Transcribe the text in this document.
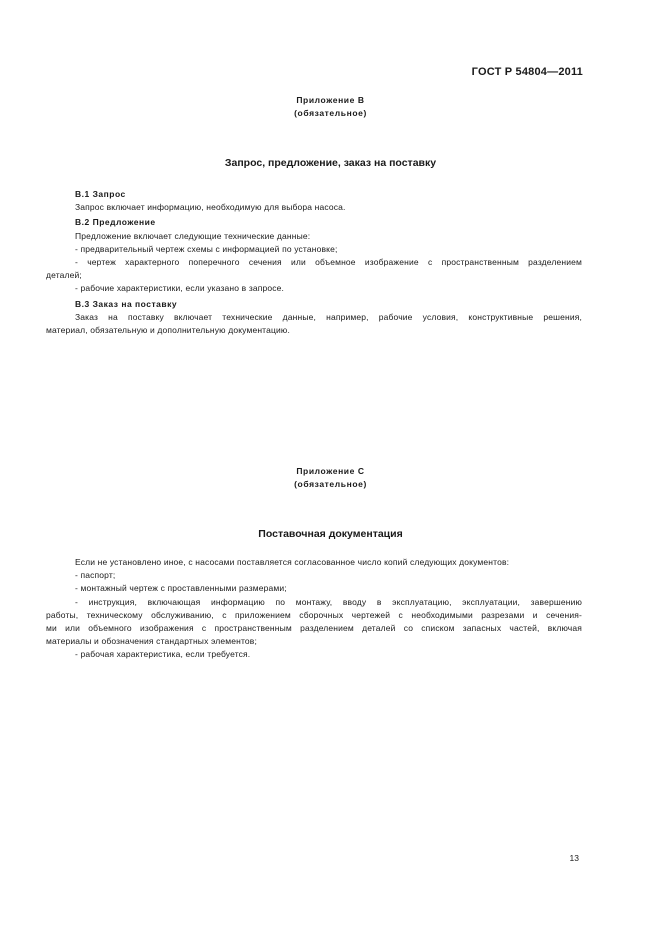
ГОСТ Р 54804—2011
Приложение В
(обязательное)
Запрос, предложение, заказ на поставку
В.1 Запрос
Запрос включает информацию, необходимую для выбора насоса.
В.2 Предложение
Предложение включает следующие технические данные:
- предварительный чертеж схемы с информацией по установке;
- чертеж характерного поперечного сечения или объемное изображение с пространственным разделением
деталей;
- рабочие характеристики, если указано в запросе.
В.3 Заказ на поставку
Заказ на поставку включает технические данные, например, рабочие условия, конструктивные решения,
материал, обязательную и дополнительную документацию.
Приложение С
(обязательное)
Поставочная документация
Если не установлено иное, с насосами поставляется согласованное число копий следующих документов:
- паспорт;
- монтажный чертеж с проставленными размерами;
- инструкция, включающая информацию по монтажу, вводу в эксплуатацию, эксплуатации, завершению
работы, техническому обслуживанию, с приложением сборочных чертежей с необходимыми разрезами и сечения-
ми или объемного изображения с пространственным разделением деталей со списком запасных частей, включая
материалы и обозначения стандартных элементов;
- рабочая характеристика, если требуется.
13
